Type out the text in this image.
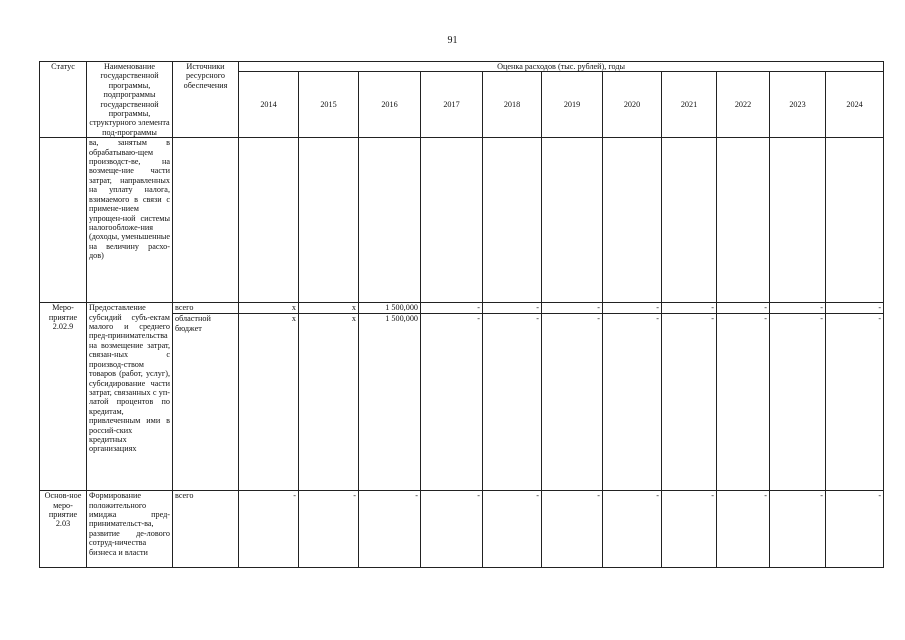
91
Статус	Наименование государственной программы, подпрограммы государственной программы, структурного элемента под-программы	Источники ресурсного обеспечения	Оценка расходов (тыс. рублей), годы										
			2014	2015	2016	2017	2018	2019	2020	2021	2022	2023	2024
	ва, занятым в обрабатываю-щем производст-ве, на возмеще-ние части затрат, направленных на уплату налога, взимаемого в связи с примене-нием упрощен-ной системы налогообложе-ния (доходы, уменьшенные на величину расхо-дов)												
Меро-приятие 2.02.9	Предоставление субсидий субъ-ектам малого и среднего пред-принимательства на возмещение затрат, связан-ных с производ-ством товаров (работ, услуг), субсидирование части затрат, связанных с уп-латой процентов по кредитам, привлеченным ими в россий-ских кредитных организациях	всего	x	x	1 500,000	-	-	-	-	-	-	-	-
		областной бюджет	x	x	1 500,000	-	-	-	-	-	-	-	-
Основ-ное меро-приятие 2.03	Формирование положительного имиджа пред-принимательст-ва, развитие де-лового сотруд-ничества бизнеса и власти	всего	-	-	-	-	-	-	-	-	-	-	-
